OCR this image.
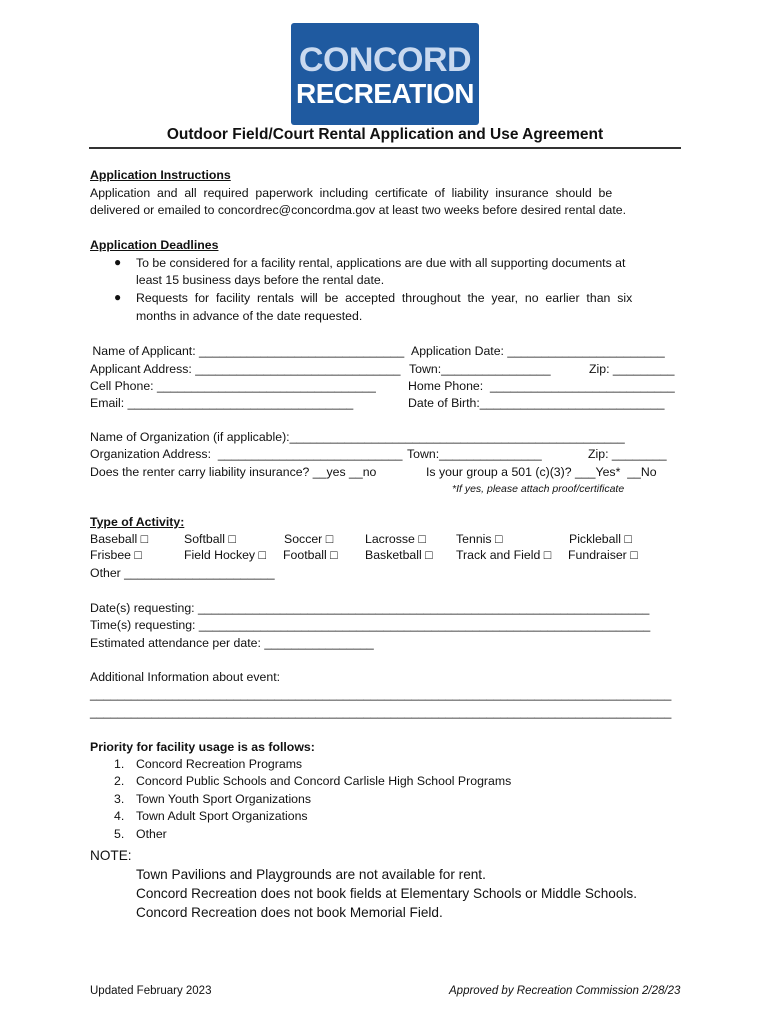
CONCORD
RECREATION
Outdoor Field/Court Rental Application and Use Agreement
Application Instructions
Application  and  all  required  paperwork  including  certificate  of  liability  insurance  should  be
delivered or emailed to concordrec@concordma.gov at least two weeks before desired rental date.
Application Deadlines
● To be considered for a facility rental, applications are due with all supporting documents at
least 15 business days before the rental date.
● Requests  for  facility  rentals  will  be  accepted  throughout  the  year,  no  earlier  than  six
months in advance of the date requested.
Name of Applicant: ______________________________ Application Date: _______________________
Applicant Address: ______________________________ Town:________________	Zip: _________
Cell Phone: ________________________________	Home Phone:  ___________________________
Email: _________________________________	Date of Birth:___________________________
Name of Organization (if applicable):_________________________________________________
Organization Address:  ___________________________ Town:_______________	Zip: ________
Does the renter carry liability insurance? __yes __no	Is your group a 501 (c)(3)? ___Yes*  __No
*If yes, please attach proof/certificate
Type of Activity:
Baseball □	Softball □	Soccer □	Lacrosse □ Tennis □	Pickleball □
Frisbee □	Field Hockey □ Football □ Basketball □ Track and Field □ Fundraiser □
Other ______________________
Date(s) requesting: __________________________________________________________________
Time(s) requesting: __________________________________________________________________
Estimated attendance per date: ________________
Additional Information about event:
_____________________________________________________________________________________
_____________________________________________________________________________________
Priority for facility usage is as follows:
1. Concord Recreation Programs
2. Concord Public Schools and Concord Carlisle High School Programs
3. Town Youth Sport Organizations
4. Town Adult Sport Organizations
5. Other
NOTE:
Town Pavilions and Playgrounds are not available for rent.
Concord Recreation does not book fields at Elementary Schools or Middle Schools.
Concord Recreation does not book Memorial Field.
Updated February 2023	Approved by Recreation Commission 2/28/23
